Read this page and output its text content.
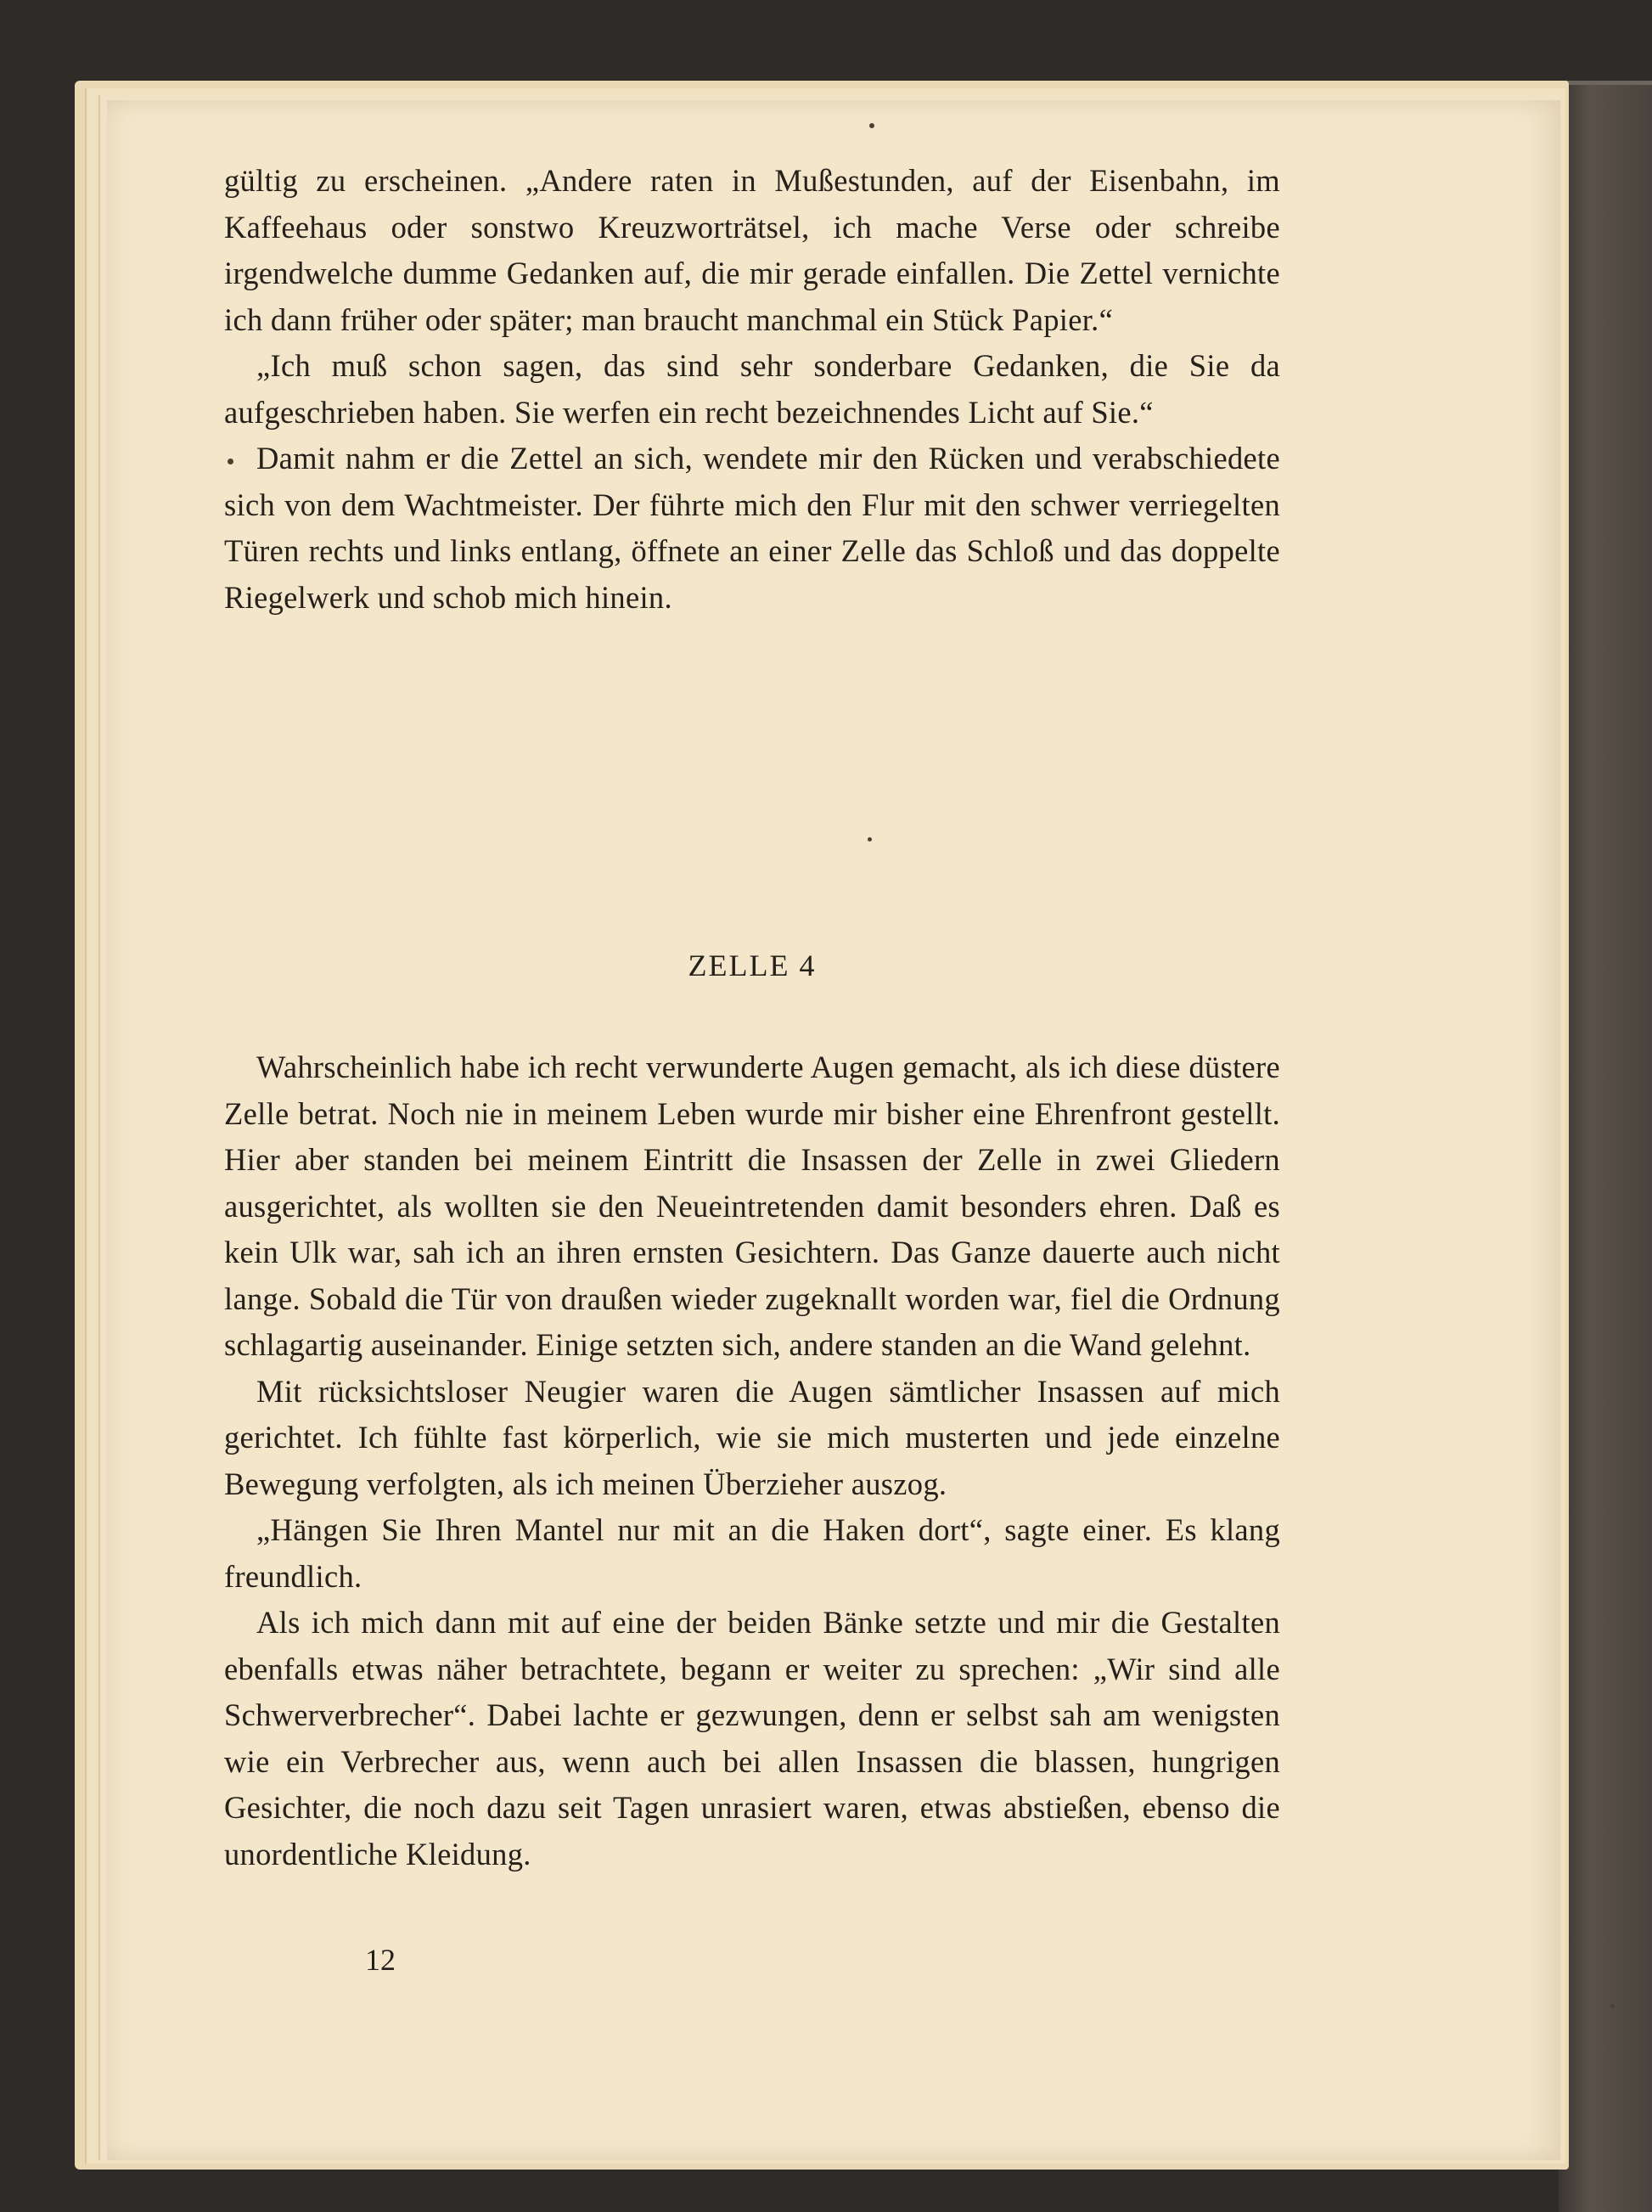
gültig zu erscheinen. „Andere raten in Mußestunden, auf der Eisenbahn, im Kaffeehaus oder sonstwo Kreuzworträtsel, ich mache Verse oder schreibe irgendwelche dumme Gedanken auf, die mir gerade einfallen. Die Zettel vernichte ich dann früher oder später; man braucht manchmal ein Stück Papier.“

„Ich muß schon sagen, das sind sehr sonderbare Gedanken, die Sie da aufgeschrieben haben. Sie werfen ein recht bezeichnendes Licht auf Sie.“

Damit nahm er die Zettel an sich, wendete mir den Rücken und verabschiedete sich von dem Wachtmeister. Der führte mich den Flur mit den schwer verriegelten Türen rechts und links entlang, öffnete an einer Zelle das Schloß und das doppelte Riegelwerk und schob mich hinein.

ZELLE 4

Wahrscheinlich habe ich recht verwunderte Augen gemacht, als ich diese düstere Zelle betrat. Noch nie in meinem Leben wurde mir bisher eine Ehrenfront gestellt. Hier aber standen bei meinem Eintritt die Insassen der Zelle in zwei Gliedern ausgerichtet, als wollten sie den Neueintretenden damit besonders ehren. Daß es kein Ulk war, sah ich an ihren ernsten Gesichtern. Das Ganze dauerte auch nicht lange. Sobald die Tür von draußen wieder zugeknallt worden war, fiel die Ordnung schlagartig auseinander. Einige setzten sich, andere standen an die Wand gelehnt.

Mit rücksichtsloser Neugier waren die Augen sämtlicher Insassen auf mich gerichtet. Ich fühlte fast körperlich, wie sie mich musterten und jede einzelne Bewegung verfolgten, als ich meinen Überzieher auszog.

„Hängen Sie Ihren Mantel nur mit an die Haken dort“, sagte einer. Es klang freundlich.

Als ich mich dann mit auf eine der beiden Bänke setzte und mir die Gestalten ebenfalls etwas näher betrachtete, begann er weiter zu sprechen: „Wir sind alle Schwerverbrecher“. Dabei lachte er gezwungen, denn er selbst sah am wenigsten wie ein Verbrecher aus, wenn auch bei allen Insassen die blassen, hungrigen Gesichter, die noch dazu seit Tagen unrasiert waren, etwas abstießen, ebenso die unordentliche Kleidung.

12
